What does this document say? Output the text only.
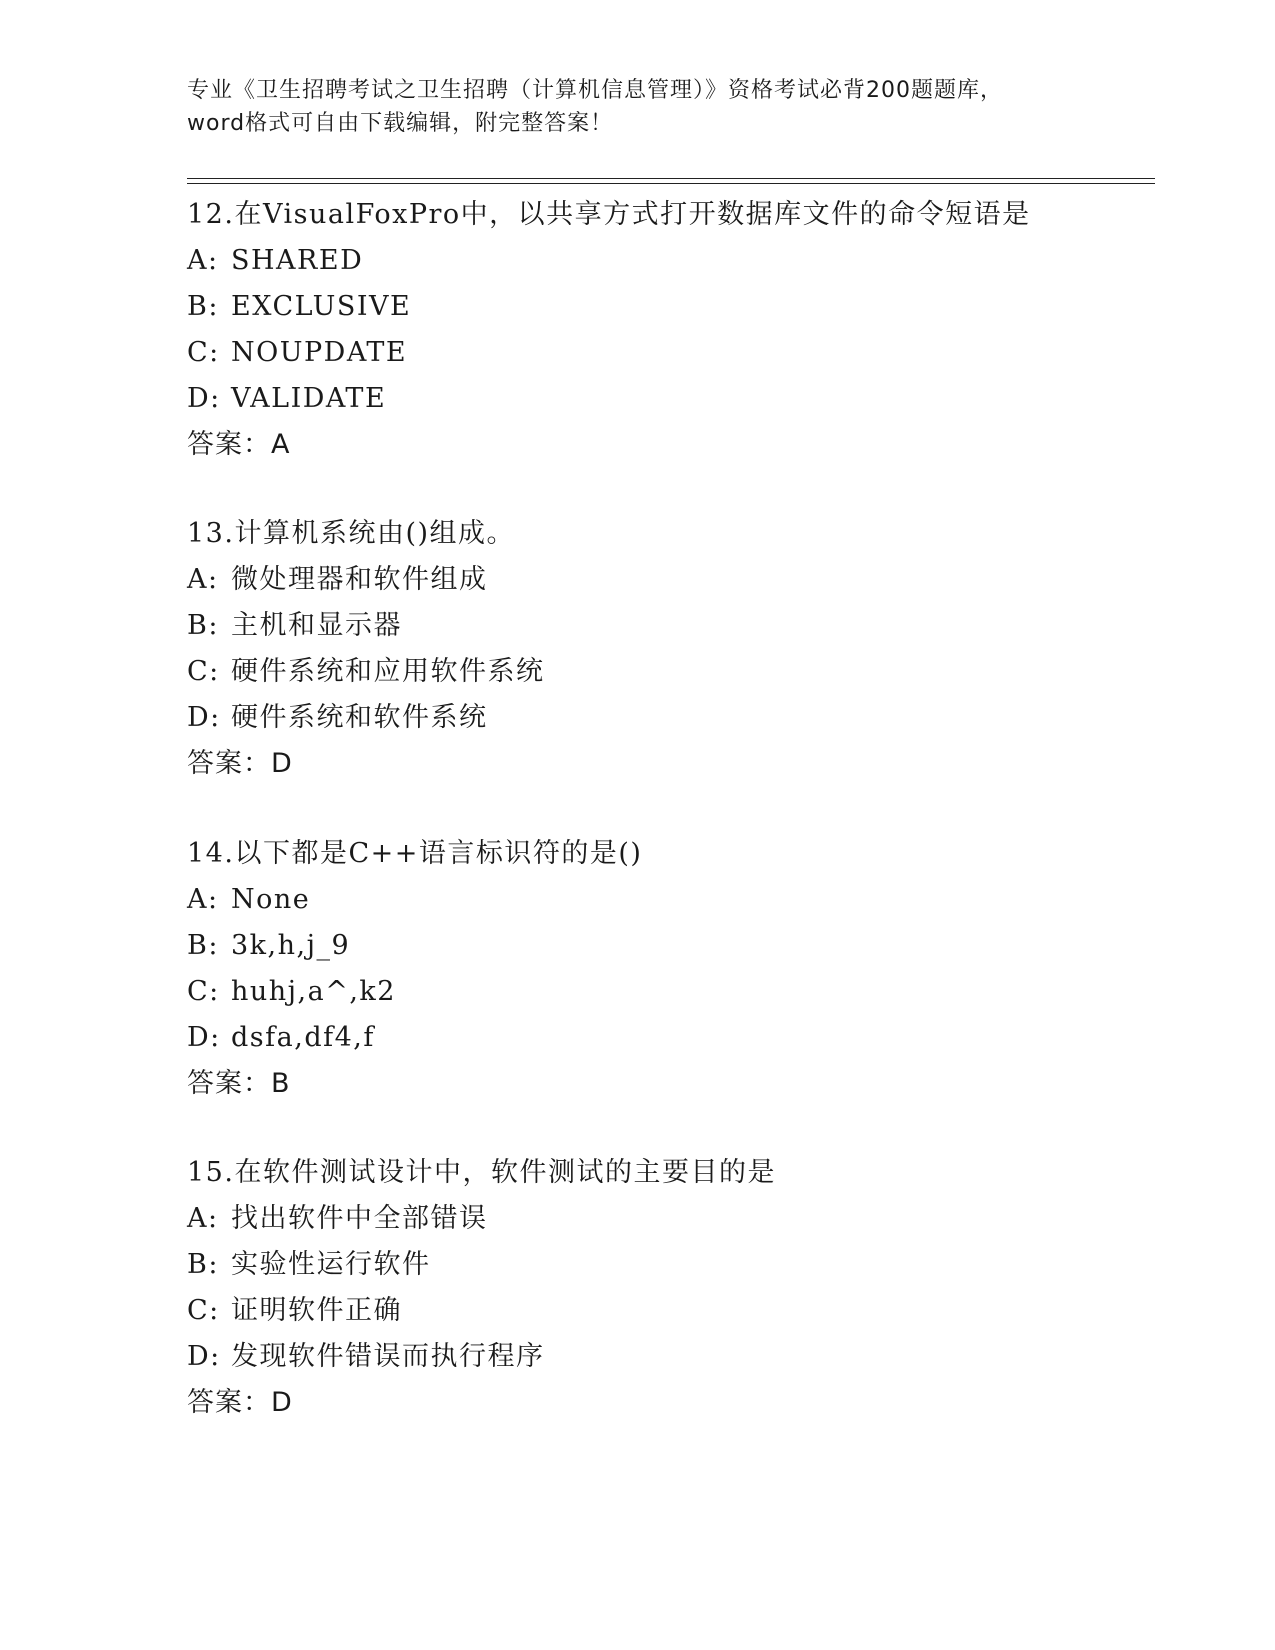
专业《卫生招聘考试之卫生招聘（计算机信息管理）》资格考试必背200题题库，
word格式可自由下载编辑，附完整答案！
12.在VisualFoxPro中，以共享方式打开数据库文件的命令短语是
A: SHARED
B: EXCLUSIVE
C: NOUPDATE
D: VALIDATE
答案：A
13.计算机系统由()组成。
A: 微处理器和软件组成
B: 主机和显示器
C: 硬件系统和应用软件系统
D: 硬件系统和软件系统
答案：D
14.以下都是C++语言标识符的是()
A: None
B: 3k,h,j_9
C: huhj,a^,k2
D: dsfa,df4,f
答案：B
15.在软件测试设计中，软件测试的主要目的是
A: 找出软件中全部错误
B: 实验性运行软件
C: 证明软件正确
D: 发现软件错误而执行程序
答案：D
